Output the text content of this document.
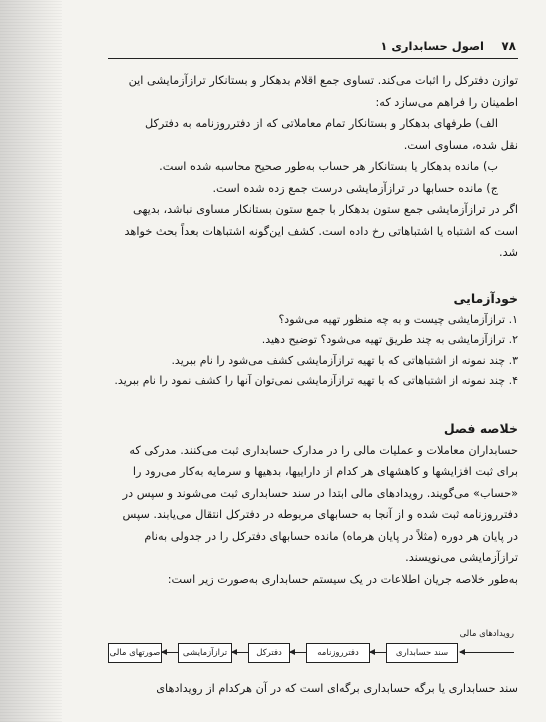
۷۸
اصول حسابداری ۱
توازن دفترکل را اثبات می‌کند. تساوی جمع اقلام بدهکار و بستانکار ترازآزمایشی این
اطمینان را فراهم می‌سازد که:
الف) طرفهای بدهکار و بستانکار تمام معاملاتی که از دفتر‌روزنامه به دفترکل
نقل شده، مساوی است.
ب) مانده بدهکار یا بستانکار هر حساب به‌طور صحیح محاسبه شده است.
ج) مانده حسابها در ترازآزمایشی درست جمع زده شده است.
اگر در ترازآزمایشی جمع ستون بدهکار با جمع ستون بستانکار مساوی نباشد، بدیهی
است که اشتباه یا اشتباهاتی رخ داده است. کشف این‌گونه اشتباهات بعداً بحث خواهد
شد.
خودآزمایی
۱. ترازآزمایشی چیست و به چه منظور تهیه می‌شود؟
۲. ترازآزمایشی به چند طریق تهیه می‌شود؟ توضیح دهید.
۳. چند نمونه از اشتباهاتی که با تهیه ترازآزمایشی کشف می‌شود را نام ببرید.
۴. چند نمونه از اشتباهاتی که با تهیه ترازآزمایشی نمی‌توان آنها را کشف نمود را نام ببرید.
خلاصه فصل
حسابداران معاملات و عملیات مالی را در مدارک حسابداری ثبت می‌کنند. مدرکی که
برای ثبت افزایشها و کاهشهای هر کدام از داراییها، بدهیها و سرمایه به‌کار می‌رود را
«حساب» می‌گویند. رویدادهای مالی ابتدا در سند حسابداری ثبت می‌شوند و سپس در
دفترروزنامه ثبت شده و از آنجا به حسابهای مربوطه در دفترکل انتقال می‌یابند. سپس
در پایان هر دوره (مثلاً در پایان هرماه) مانده حسابهای دفترکل را در جدولی به‌نام
ترازآزمایشی می‌نویسند.
به‌طور خلاصه جریان اطلاعات در یک سیستم حسابداری به‌صورت زیر است:
رویدادهای مالی
سند حسابداری
دفترروزنامه
دفترکل
ترازآزمایشی
صورتهای مالی
سند حسابداری یا برگه حسابداری برگه‌ای است که در آن هرکدام از رویدادهای
